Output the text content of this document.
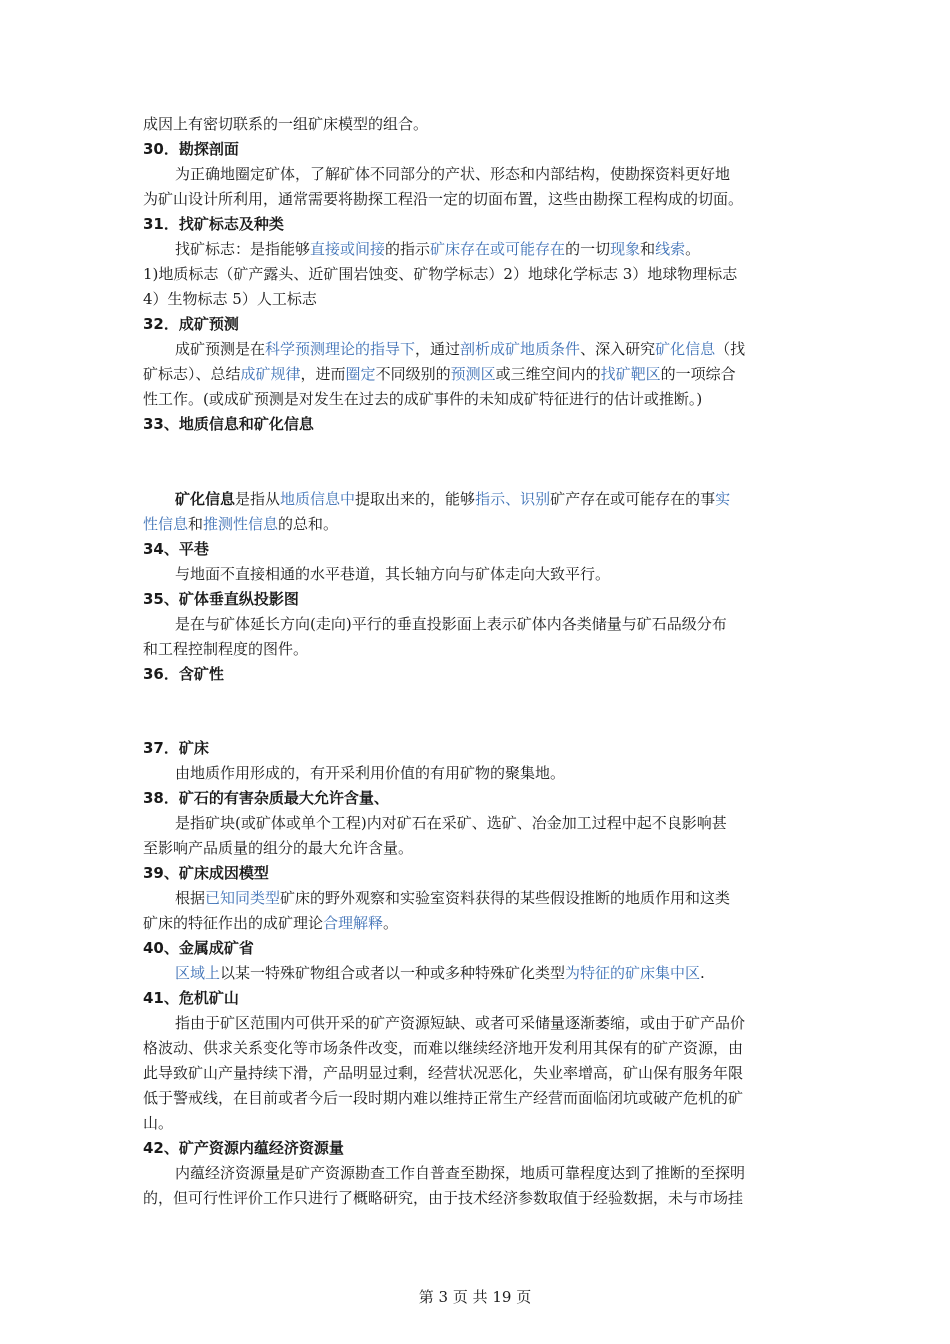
成因上有密切联系的一组矿床模型的组合。
30．勘探剖面
为正确地圈定矿体，了解矿体不同部分的产状、形态和内部结构，使勘探资料更好地
为矿山设计所利用，通常需要将勘探工程沿一定的切面布置，这些由勘探工程构成的切面。
31．找矿标志及种类
找矿标志：是指能够直接或间接的指示矿床存在或可能存在的一切现象和线索。
1)地质标志（矿产露头、近矿围岩蚀变、矿物学标志）2）地球化学标志 3）地球物理标志
4）生物标志 5）人工标志
32．成矿预测
成矿预测是在科学预测理论的指导下，通过剖析成矿地质条件、深入研究矿化信息（找
矿标志）、总结成矿规律，进而圈定不同级别的预测区或三维空间内的找矿靶区的一项综合
性工作。(或成矿预测是对发生在过去的成矿事件的未知成矿特征进行的估计或推断。)
33、地质信息和矿化信息
矿化信息是指从地质信息中提取出来的，能够指示、识别矿产存在或可能存在的事实
性信息和推测性信息的总和。
34、平巷
与地面不直接相通的水平巷道，其长轴方向与矿体走向大致平行。
35、矿体垂直纵投影图
是在与矿体延长方向(走向)平行的垂直投影面上表示矿体内各类储量与矿石品级分布
和工程控制程度的图件。
36．含矿性
37．矿床
由地质作用形成的，有开采利用价值的有用矿物的聚集地。
38．矿石的有害杂质最大允许含量、
是指矿块(或矿体或单个工程)内对矿石在采矿、选矿、冶金加工过程中起不良影响甚
至影响产品质量的组分的最大允许含量。
39、矿床成因模型
根据已知同类型矿床的野外观察和实验室资料获得的某些假设推断的地质作用和这类
矿床的特征作出的成矿理论合理解释。
40、金属成矿省
区域上以某一特殊矿物组合或者以一种或多种特殊矿化类型为特征的矿床集中区.
41、危机矿山
指由于矿区范围内可供开采的矿产资源短缺、或者可采储量逐渐萎缩，或由于矿产品价
格波动、供求关系变化等市场条件改变，而难以继续经济地开发利用其保有的矿产资源，由
此导致矿山产量持续下滑，产品明显过剩，经营状况恶化，失业率增高，矿山保有服务年限
低于警戒线，在目前或者今后一段时期内难以维持正常生产经营而面临闭坑或破产危机的矿
山。
42、矿产资源内蕴经济资源量
内蕴经济资源量是矿产资源勘查工作自普查至勘探，地质可靠程度达到了推断的至探明
的，但可行性评价工作只进行了概略研究，由于技术经济参数取值于经验数据，未与市场挂
第 3 页 共 19 页
